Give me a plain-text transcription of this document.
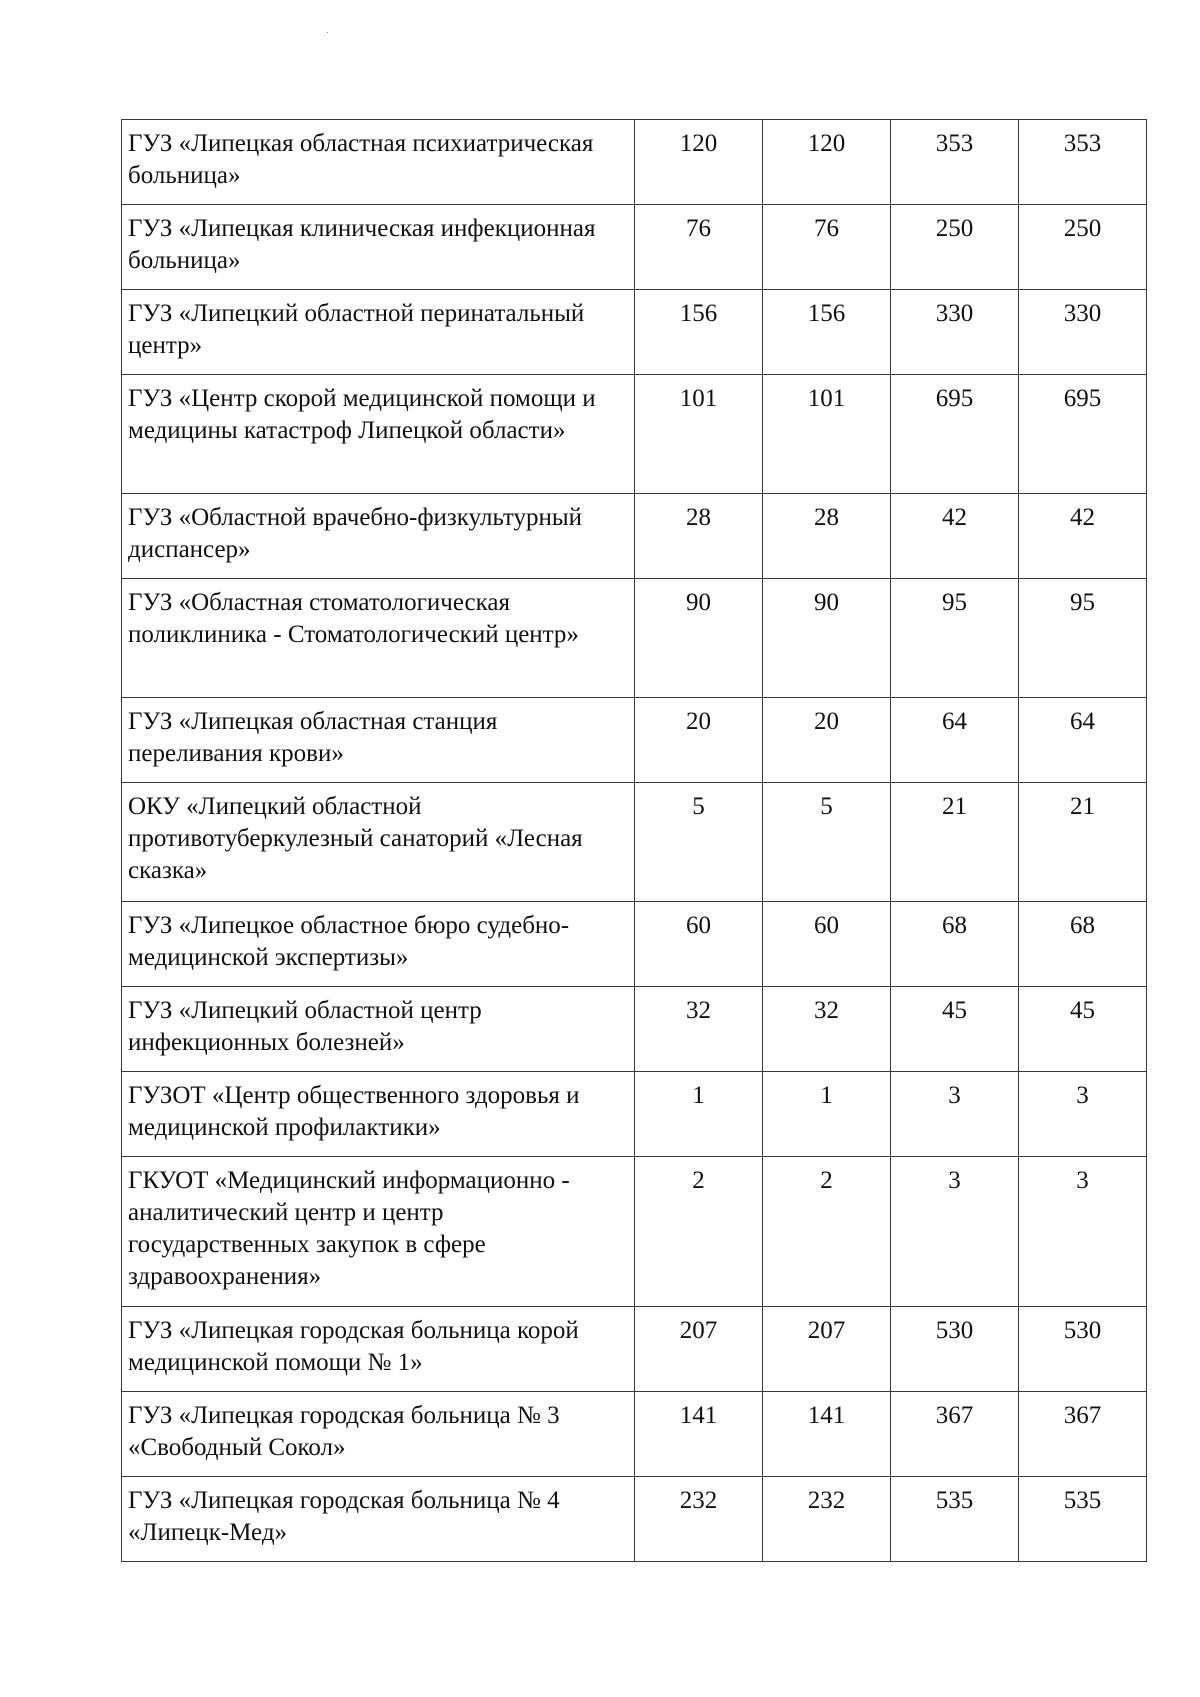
ГУЗ «Липецкая областная психиатрическая больница»	120	120	353	353
ГУЗ «Липецкая клиническая инфекционная больница»	76	76	250	250
ГУЗ «Липецкий областной перинатальный центр»	156	156	330	330
ГУЗ «Центр скорой медицинской помощи и медицины катастроф Липецкой области»	101	101	695	695
ГУЗ «Областной врачебно-физкультурный диспансер»	28	28	42	42
ГУЗ «Областная стоматологическая поликлиника - Стоматологический центр»	90	90	95	95
ГУЗ «Липецкая областная станция переливания крови»	20	20	64	64
ОКУ «Липецкий областной противотуберкулезный санаторий «Лесная сказка»	5	5	21	21
ГУЗ «Липецкое областное бюро судебно-медицинской экспертизы»	60	60	68	68
ГУЗ «Липецкий областной центр инфекционных болезней»	32	32	45	45
ГУЗОТ «Центр общественного здоровья и медицинской профилактики»	1	1	3	3
ГКУОТ «Медицинский информационно - аналитический центр и центр государственных закупок в сфере здравоохранения»	2	2	3	3
ГУЗ «Липецкая городская больница корой медицинской помощи № 1»	207	207	530	530
ГУЗ «Липецкая городская больница № 3 «Свободный Сокол»	141	141	367	367
ГУЗ «Липецкая городская больница № 4 «Липецк-Мед»	232	232	535	535
